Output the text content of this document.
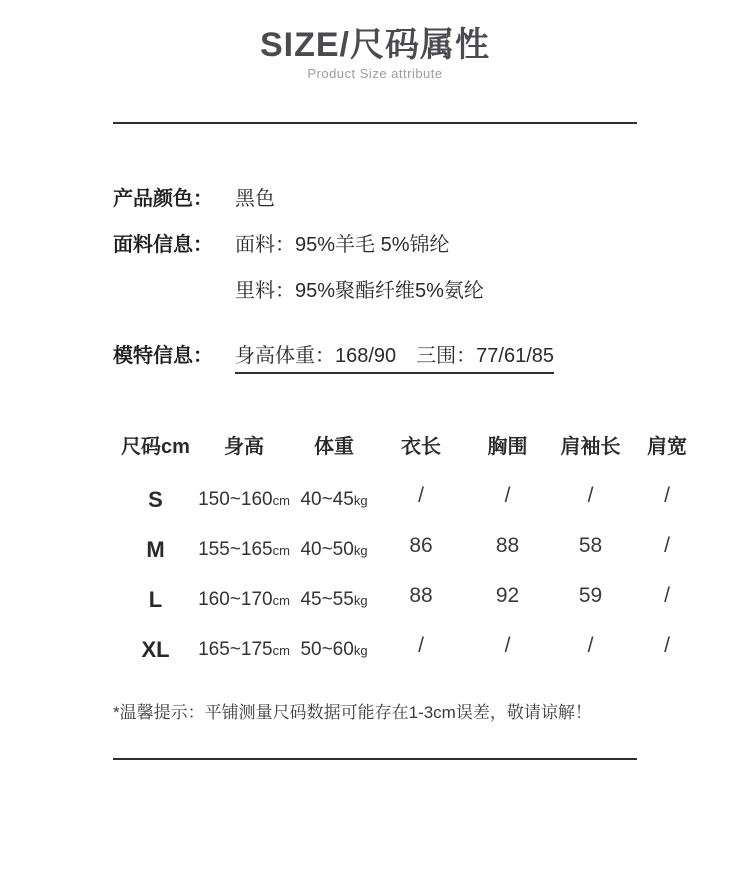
SIZE/尺码属性
Product Size attribute
产品颜色： 黑色
面料信息： 面料：95%羊毛 5%锦纶
里料：95%聚酯纤维5%氨纶
模特信息： 身高体重：168/90　三围：77/61/85
尺码cm 身高	体重 衣长 胸围 肩袖长 肩宽
S 150~160cm 40~45kg /	/	/	/
M 155~165cm 40~50kg 86	88	58	/
L 160~170cm 45~55kg 88	92	59	/
XL 165~175cm 50~60kg /	/	/	/
*温馨提示：平铺测量尺码数据可能存在1-3cm误差，敬请谅解！
